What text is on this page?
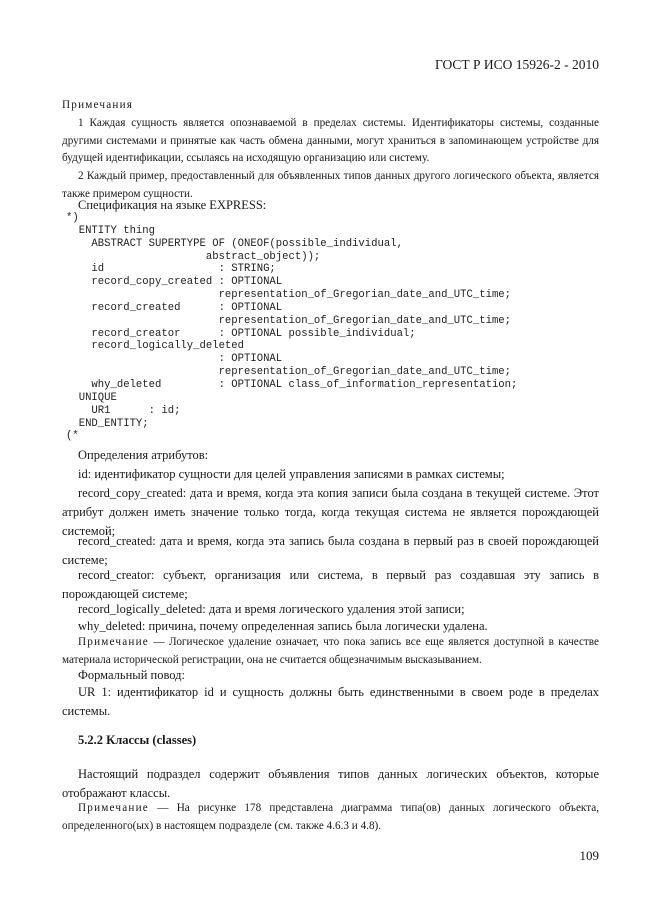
ГОСТ Р ИСО 15926-2 - 2010

Примечания

1 Каждая сущность является опознаваемой в пределах системы. Идентификаторы системы, созданные другими системами и принятые как часть обмена данными, могут храниться в запоминающем устройстве для будущей идентификации, ссылаясь на исходящую организацию или систему.

2 Каждый пример, предоставленный для объявленных типов данных другого логического объекта, является также примером сущности.

Спецификация на языке EXPRESS:

*)
ENTITY thing
ABSTRACT SUPERTYPE OF (ONEOF(possible_individual,
abstract_object));
id                  : STRING;
record_copy_created : OPTIONAL
representation_of_Gregorian_date_and_UTC_time;
record_created      : OPTIONAL
representation_of_Gregorian_date_and_UTC_time;
record_creator      : OPTIONAL possible_individual;
record_logically_deleted
: OPTIONAL
representation_of_Gregorian_date_and_UTC_time;
why_deleted         : OPTIONAL class_of_information_representation;
UNIQUE
UR1      : id;
END_ENTITY;
(*

Определения атрибутов:

id: идентификатор сущности для целей управления записями в рамках системы;

record_copy_created: дата и время, когда эта копия записи была создана в текущей системе. Этот атрибут должен иметь значение только тогда, когда текущая система не является порождающей системой;

record_created: дата и время, когда эта запись была создана в первый раз в своей порождающей системе;

record_creator: субъект, организация или система, в первый раз создавшая эту запись в порождающей системе;

record_logically_deleted: дата и время логического удаления этой записи;

why_deleted: причина, почему определенная запись была логически удалена.

Примечание — Логическое удаление означает, что пока запись все еще является доступной в качестве материала исторической регистрации, она не считается общезначимым высказыванием.

Формальный повод:

UR 1: идентификатор id и сущность должны быть единственными в своем роде в пределах системы.

5.2.2 Классы (classes)

Настоящий подраздел содержит объявления типов данных логических объектов, которые отображают классы.

Примечание — На рисунке 178 представлена диаграмма типа(ов) данных логического объекта, определенного(ых) в настоящем подразделе (см. также 4.6.3 и 4.8).

109
